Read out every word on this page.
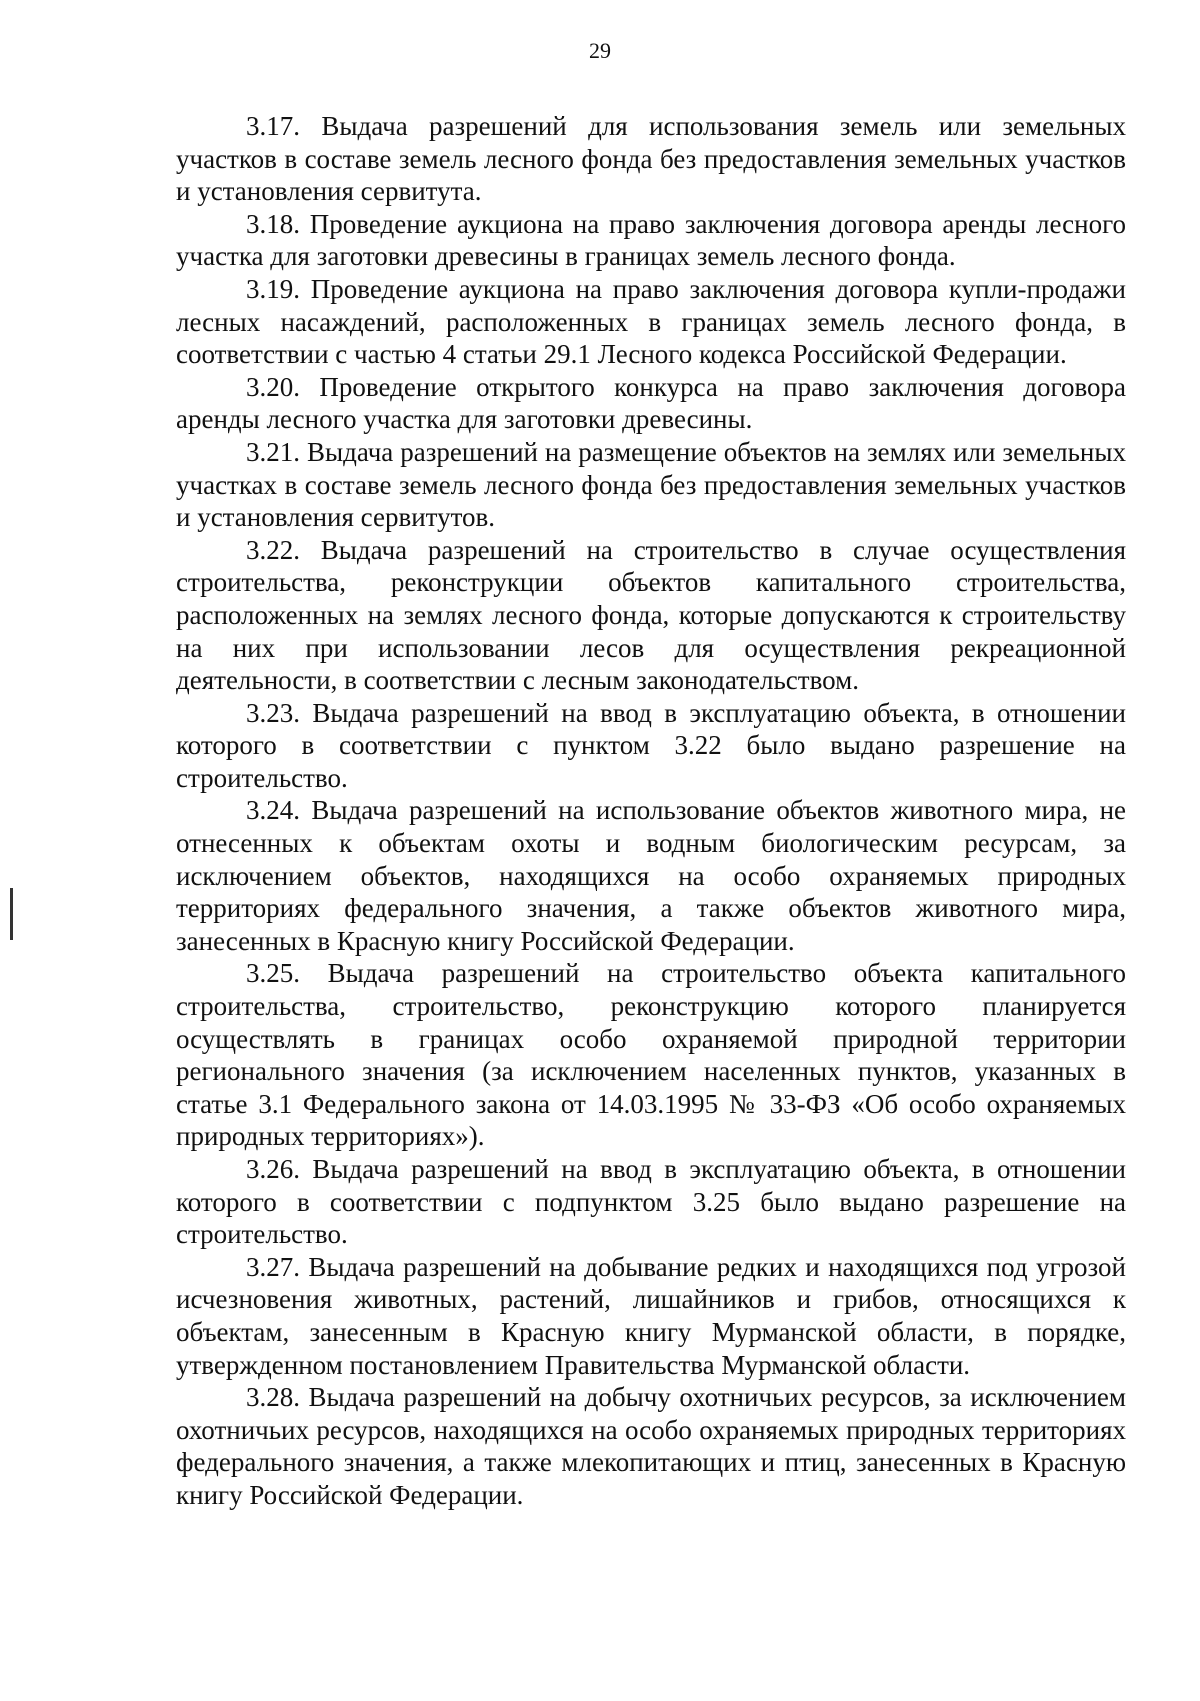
29

3.17. Выдача разрешений для использования земель или земельных участков в составе земель лесного фонда без предоставления земельных участков и установления сервитута.

3.18. Проведение аукциона на право заключения договора аренды лесного участка для заготовки древесины в границах земель лесного фонда.

3.19. Проведение аукциона на право заключения договора купли-продажи лесных насаждений, расположенных в границах земель лесного фонда, в соответствии с частью 4 статьи 29.1 Лесного кодекса Российской Федерации.

3.20. Проведение открытого конкурса на право заключения договора аренды лесного участка для заготовки древесины.

3.21. Выдача разрешений на размещение объектов на землях или земельных участках в составе земель лесного фонда без предоставления земельных участков и установления сервитутов.

3.22. Выдача разрешений на строительство в случае осуществления строительства, реконструкции объектов капитального строительства, расположенных на землях лесного фонда, которые допускаются к строительству на них при использовании лесов для осуществления рекреационной деятельности, в соответствии с лесным законодательством.

3.23. Выдача разрешений на ввод в эксплуатацию объекта, в отношении которого в соответствии с пунктом 3.22 было выдано разрешение на строительство.

3.24. Выдача разрешений на использование объектов животного мира, не отнесенных к объектам охоты и водным биологическим ресурсам, за исключением объектов, находящихся на особо охраняемых природных территориях федерального значения, а также объектов животного мира, занесенных в Красную книгу Российской Федерации.

3.25. Выдача разрешений на строительство объекта капитального строительства, строительство, реконструкцию которого планируется осуществлять в границах особо охраняемой природной территории регионального значения (за исключением населенных пунктов, указанных в статье 3.1 Федерального закона от 14.03.1995 № 33-ФЗ «Об особо охраняемых природных территориях»).

3.26. Выдача разрешений на ввод в эксплуатацию объекта, в отношении которого в соответствии с подпунктом 3.25 было выдано разрешение на строительство.

3.27. Выдача разрешений на добывание редких и находящихся под угрозой исчезновения животных, растений, лишайников и грибов, относящихся к объектам, занесенным в Красную книгу Мурманской области, в порядке, утвержденном постановлением Правительства Мурманской области.

3.28. Выдача разрешений на добычу охотничьих ресурсов, за исключением охотничьих ресурсов, находящихся на особо охраняемых природных территориях федерального значения, а также млекопитающих и птиц, занесенных в Красную книгу Российской Федерации.
